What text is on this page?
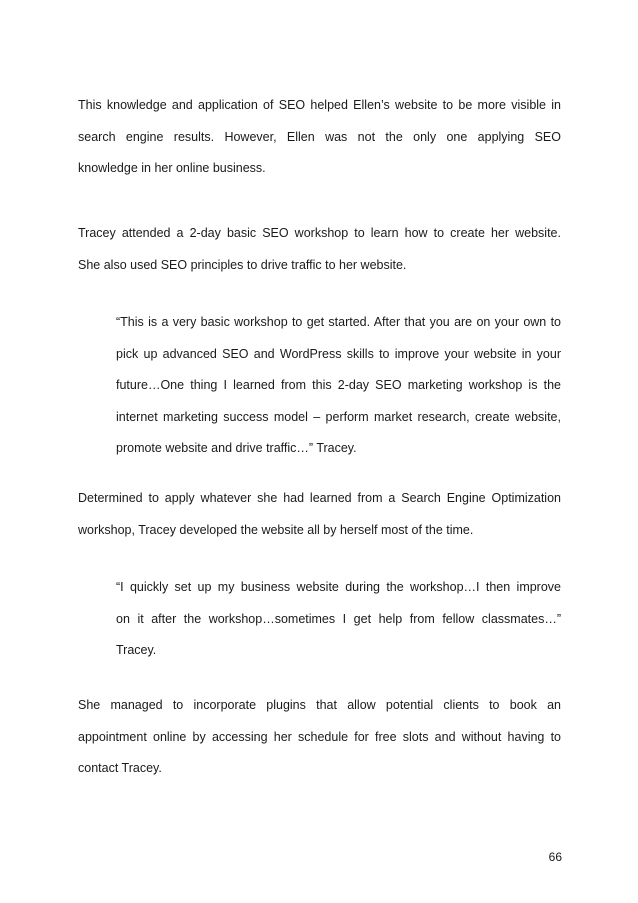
This knowledge and application of SEO helped Ellen’s website to be more visible in
search engine results. However, Ellen was not the only one applying SEO
knowledge in her online business.
Tracey attended a 2-day basic SEO workshop to learn how to create her website.
She also used SEO principles to drive traffic to her website.
“This is a very basic workshop to get started. After that you are on your own to
pick up advanced SEO and WordPress skills to improve your website in your
future…One thing I learned from this 2-day SEO marketing workshop is the
internet marketing success model – perform market research, create website,
promote website and drive traffic…” Tracey.
Determined to apply whatever she had learned from a Search Engine Optimization
workshop, Tracey developed the website all by herself most of the time.
“I quickly set up my business website during the workshop…I then improve
on it after the workshop…sometimes I get help from fellow classmates…”
Tracey.
She managed to incorporate plugins that allow potential clients to book an
appointment online by accessing her schedule for free slots and without having to
contact Tracey.
66
